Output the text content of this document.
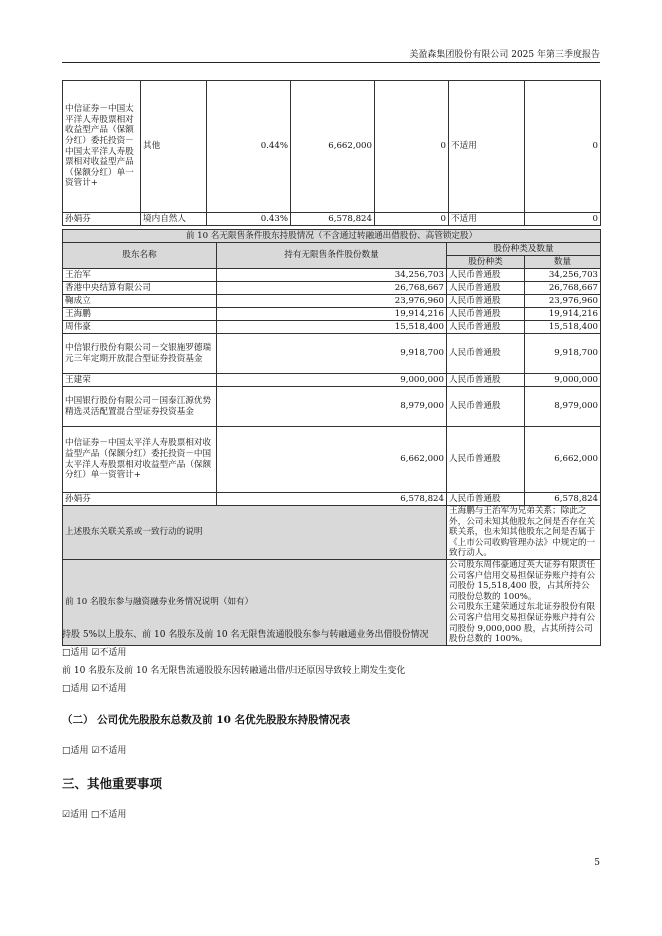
美盈森集团股份有限公司 2025 年第三季度报告
中信证券－中国太平洋人寿股票相对收益型产品（保额分红）委托投资－中国太平洋人寿股票相对收益型产品（保额分红）单一资管计+	其他	0.44%	6,662,000	0	不适用	0
孙娟芬	境内自然人	0.43%	6,578,824	0	不适用	0
前 10 名无限售条件股东持股情况（不含通过转融通出借股份、高管锁定股）			
股东名称	持有无限售条件股份数量	股份种类及数量	
		股份种类	数量
王治军	34,256,703	人民币普通股	34,256,703
香港中央结算有限公司	26,768,667	人民币普通股	26,768,667
鞠成立	23,976,960	人民币普通股	23,976,960
王海鹏	19,914,216	人民币普通股	19,914,216
周伟豪	15,518,400	人民币普通股	15,518,400
中信银行股份有限公司－交银施罗德瑞元三年定期开放混合型证券投资基金	9,918,700	人民币普通股	9,918,700
王建荣	9,000,000	人民币普通股	9,000,000
中国银行股份有限公司－国泰江源优势精选灵活配置混合型证券投资基金	8,979,000	人民币普通股	8,979,000
中信证券－中国太平洋人寿股票相对收益型产品（保额分红）委托投资－中国太平洋人寿股票相对收益型产品（保额分红）单一资管计+	6,662,000	人民币普通股	6,662,000
孙娟芬	6,578,824	人民币普通股	6,578,824
上述股东关联关系或一致行动的说明		王海鹏与王治军为兄弟关系；除此之外，公司未知其他股东之间是否存在关联关系，也未知其他股东之间是否属于《上市公司收购管理办法》中规定的一致行动人。	
前 10 名股东参与融资融券业务情况说明（如有）		公司股东周伟豪通过英大证券有限责任公司客户信用交易担保证券账户持有公司股份 15,518,400 股，占其所持公司股份总数的 100%。
公司股东王建荣通过东北证券股份有限公司客户信用交易担保证券账户持有公司股份 9,000,000 股，占其所持公司股份总数的 100%。	
持股 5%以上股东、前 10 名股东及前 10 名无限售流通股股东参与转融通业务出借股份情况
□适用 ☑不适用
前 10 名股东及前 10 名无限售流通股股东因转融通出借/归还原因导致较上期发生变化
□适用 ☑不适用
（二） 公司优先股股东总数及前 10 名优先股股东持股情况表
□适用 ☑不适用
三、其他重要事项
☑适用 □不适用
5
